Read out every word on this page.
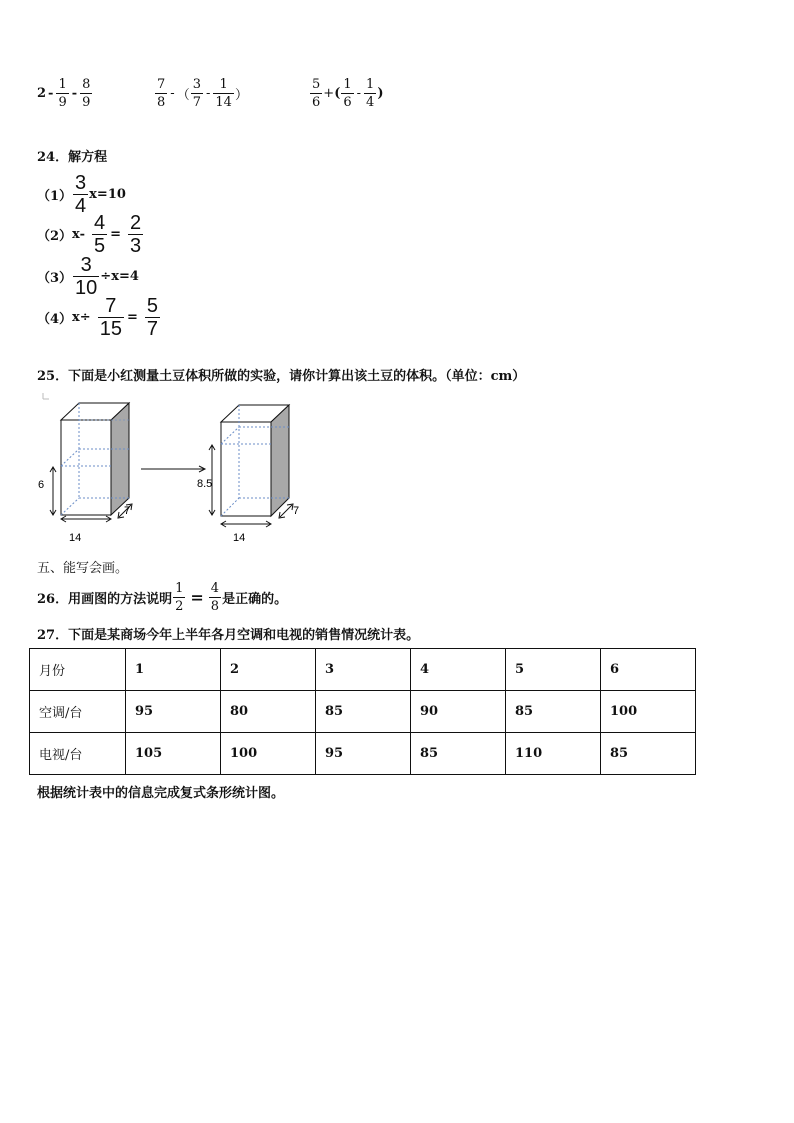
$2 - \frac{1}{9} - \frac{8}{9}$	$\frac{7}{8}$ - （ $\frac{3}{7} - \frac{1}{14}$ ）	$\frac{5}{6}$ + ( $\frac{1}{6} - \frac{1}{4}$ )
24．解方程
$(1) \frac{3}{4} x=10$
（2） $x- \frac{4}{5} = \frac{2}{3}$
$(3) \frac{3}{10} \div x=4$
（4） $x\div \frac{7}{15} = \frac{5}{7}$
25．下面是小红测量土豆体积所做的实验，请你计算出该土豆的体积。（单位：cm）
6
14
7
8.5
14
7
五、能写会画。
26．用画图的方法说明 $\frac{1}{2} = \frac{4}{8}$ 是正确的。
27．下面是某商场今年上半年各月空调和电视的销售情况统计表。
月份	1	2	3	4	5	6
空调/台	95	80	85	90	85	100
电视/台	105	100	95	85	110	85
根据统计表中的信息完成复式条形统计图。
